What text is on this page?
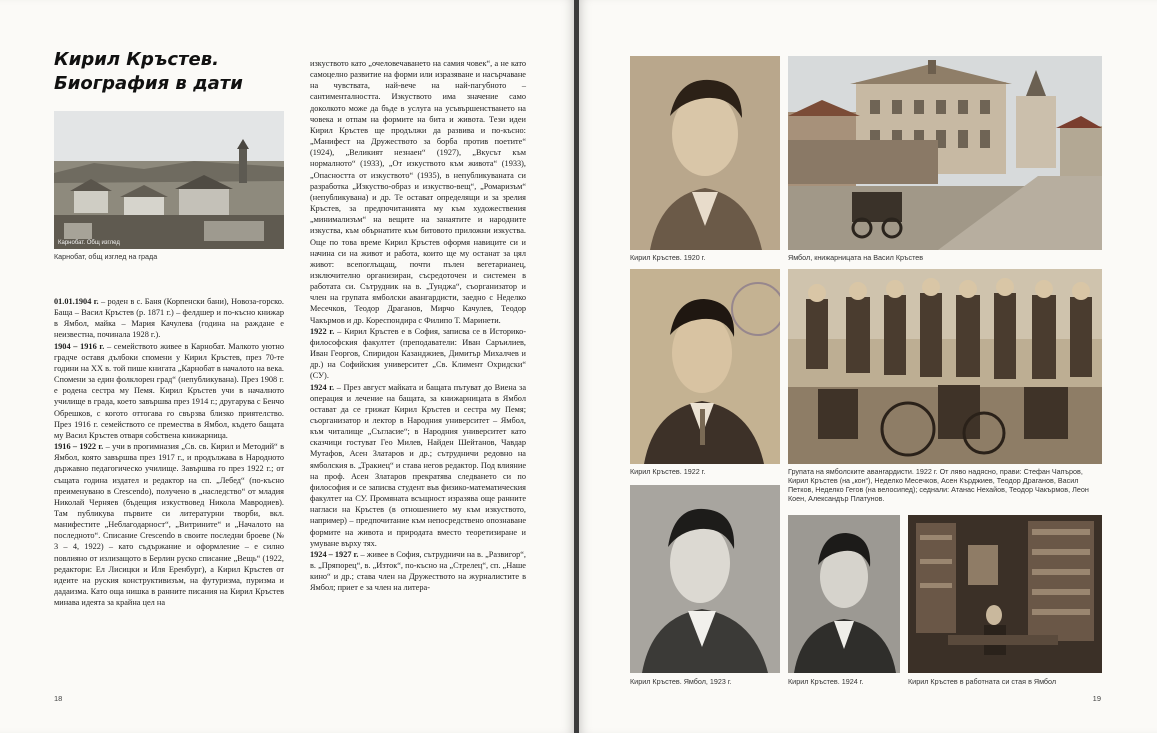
Кирил Кръстев.
Биография в дати
Карнобат. Общ изглед

Карнобат, общ изглед на града

01.01.1904 г. – роден в с. Баня (Корпенски бани), Новоза-горско. Баща – Васил Кръстев (р. 1871 г.) – фелдшер и по-късно книжар в Ямбол, майка – Мария Качулева (година на раждане е неизвестна, починала 1928 г.).

1904 – 1916 г. – семейството живее в Карнобат. Малкото уютно градче оставя дълбоки спомени у Кирил Кръстев, през 70-те години на XX в. той пише книгата „Карнобат в началото на века. Спомени за един фолклорен град“ (непубликувана). През 1908 г. е родена сестра му Пемя. Кирил Кръстев учи в началното училище в града, което завършва през 1914 г.; другарува с Бенчо Обрешков, с когото оттогава го свързва близко приятелство. През 1916 г. семейството се премества в Ямбол, където бащата му Васил Кръстев отваря собствена книжарница.

1916 – 1922 г. – учи в прогимназия „Св. св. Кирил и Методий“ в Ямбол, която завършва през 1917 г., и продължава в Народното държавно педагогическо училище. Завършва го през 1922 г.; от същата година издател и редактор на сп. „Лебед“ (по-късно преименувано в Crescendo), получено в „наследство“ от младия Николай Черняев (бъдещия изкуствовед Никола Мавродиев). Там публикува първите си литературни творби, вкл. манифестите „Неблагодарност“, „Витрините“ и „Началото на последното“. Списание Crescendo в своите последни броеве (№ 3 – 4, 1922) – като съдържание и оформление – е силно повлияно от излизащото в Берлин руско списание „Вещь“ (1922, редактори: Ел Лисицки и Иля Еренбург), а Кирил Кръстев от идеите на руския конструктивизъм, на футуризма, пуризма и дадаизма. Като оща нишка в ранните писания на Кирил Кръстев минава идеята за крайна цел на

изкуството като „очеловечаването на самия човек“, а не като самоцелно развитие на форми или изразяване и насърчаване на чувствата, най-вече на най-пагубното – сантименталността. Изкуството има значение само доколкото може да бъде в услуга на усъвършенстването на човека и отпам на формите на бита и живота. Тези идеи Кирил Кръстев ще продължи да развива и по-късно: „Манифест на Дружеството за борба против поетите“ (1924), „Великият незнаен“ (1927), „Вкусът към нормалното“ (1933), „От изкуството към живота“ (1933), „Опасността от изкуството“ (1935), в непубликуваната си разработка „Изкуство-образ и изкуство-вещ“, „Ромаризъм“ (непубликувана) и др. Те остават определящи и за зрелия Кръстев, за предпочитанията му към художествения „минимализъм“ на вещите на занаятите и народните изкуства, към обърнатите към битовото приложни изкуства. Още по това време Кирил Кръстев оформя навиците си и начина си на живот и работа, които ще му останат за цял живот: всепоглъщащ, почти пълен вегетарианец, изключително организиран, съсредоточен и системен в работата си. Сътрудник на в. „Тунджа“, съорганизатор и член на групата ямболски авангардисти, заедно с Неделко Месечков, Теодор Драганов, Мирчо Качулев, Теодор Чакърмов и др. Кореспондира с Филипо Т. Маринети.

1922 г. – Кирил Кръстев е в София, записва се в Историко-философския факултет (преподаватели: Иван Саръилиев, Иван Георгов, Спиридон Казанджиев, Димитър Михалчев и др.) на Софийския университет „Св. Климент Охридски“ (СУ).

1924 г. – През август майката и бащата пътуват до Виена за операция и лечение на бащата, за книжарницата в Ямбол остават да се грижат Кирил Кръстев и сестра му Пемя; съорганизатор и лектор в Народния университет – Ямбол, към читалище „Съгласие“; в Народния университет като сказчици гостуват Гео Милев, Найден Шейтанов, Чавдар Мутафов, Асен Златаров и др.; сътрудничи редовно на ямболския в. „Тракиец“ и става негов редактор. Под влияние на проф. Асен Златаров прекратява следването си по философия и се записва студент във физико-математическия факултет на СУ. Промяната всъщност изразява още ранните нагласи на Кръстев (в отношението му към изкуството, например) – предпочитание към непосредствено опознаване формите на живота и природата вместо теоретизиране и умуване върху тях.

1924 – 1927 г. – живее в София, сътрудничи на в. „Развигор“, в. „Пряпорец“, в. „Изток“, по-късно на „Стрелец“, сп. „Наше кино“ и др.; става член на Дружеството на журналистите в Ямбол; приет е за член на литера-

18

Кирил Кръстев. 1920 г.	Ямбол, книжарницата на Васил Кръстев

Кирил Кръстев. 1922 г.	Групата на ямболските авангардисти. 1922 г. От ляво надясно, прави: Стефан Чапъров, Кирил Кръстев (на „кон“), Неделко Месечков, Асен Кърджиев, Теодор Драганов, Васил Петков, Неделко Гегов (на велосипед); седнали: Атанас Нехайов, Теодор Чакърмов, Леон Коен, Александър Платунов.

Кирил Кръстев. Ямбол, 1923 г.	Кирил Кръстев. 1924 г.	Кирил Кръстев в работната си стая в Ямбол

19
